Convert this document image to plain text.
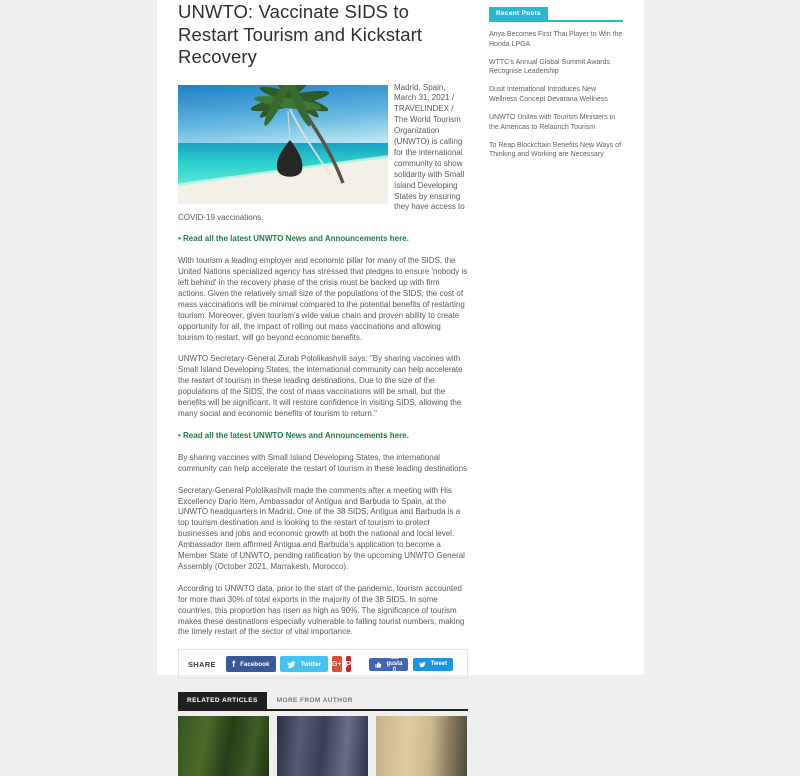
UNWTO: Vaccinate SIDS to Restart Tourism and Kickstart Recovery
Madrid, Spain, March 31, 2021 / TRAVELINDEX / The World Tourism Organization (UNWTO) is calling for the international community to show solidarity with Small Island Developing States by ensuring they have access to COVID-19 vaccinations.
• Read all the latest UNWTO News and Announcements here.

With tourism a leading employer and economic pillar for many of the SIDS, the United Nations specialized agency has stressed that pledges to ensure 'nobody is left behind' in the recovery phase of the crisis must be backed up with firm actions. Given the relatively small size of the populations of the SIDS, the cost of mass vaccinations will be minimal compared to the potential benefits of restarting tourism. Moreover, given tourism's wide value chain and proven ability to create opportunity for all, the impact of rolling out mass vaccinations and allowing tourism to restart, will go beyond economic benefits.

UNWTO Secretary-General Zurab Pololikashvili says: "By sharing vaccines with Small Island Developing States, the international community can help accelerate the restart of tourism in these leading destinations. Due to the size of the populations of the SIDS, the cost of mass vaccinations will be small, but the benefits will be significant. It will restore confidence in visiting SIDS, allowing the many social and economic benefits of tourism to return."

• Read all the latest UNWTO News and Announcements here.

By sharing vaccines with Small Island Developing States, the international community can help accelerate the restart of tourism in these leading destinations

Secretary-General Pololikashvili made the comments after a meeting with His Excellency Dario Item, Ambassador of Antigua and Barbuda to Spain, at the UNWTO headquarters in Madrid. One of the 38 SIDS, Antigua and Barbuda is a top tourism destination and is looking to the restart of tourism to protect businesses and jobs and economic growth at both the national and local level. Ambassador Item affirmed Antigua and Barbuda's application to become a Member State of UNWTO, pending ratification by the upcoming UNWTO General Assembly (October 2021, Marrakesh, Morocco).

According to UNWTO data, prior to the start of the pandemic, tourism accounted for more than 30% of total exports in the majority of the 38 SIDS. In some countries, this proportion has risen as high as 90%. The significance of tourism makes these destinations especially vulnerable to falling tourist numbers, making the timely restart of the sector of vital importance.

SHARE f Facebook	Twitter G+ P
Me gusta 0
Tweet
RELATED ARTICLES	MORE FROM AUTHOR
Recent Posts
Anya Becomes First Thai Player to Win the Honda LPGA
WTTC's Annual Global Summit Awards Recognise Leadership
Dusit International Introduces New Wellness Concept Devarana Wellness
UNWTO Unites with Tourism Ministers in the Americas to Relaunch Tourism
To Reap Blockchain Benefits New Ways of Thinking and Working are Necessary
